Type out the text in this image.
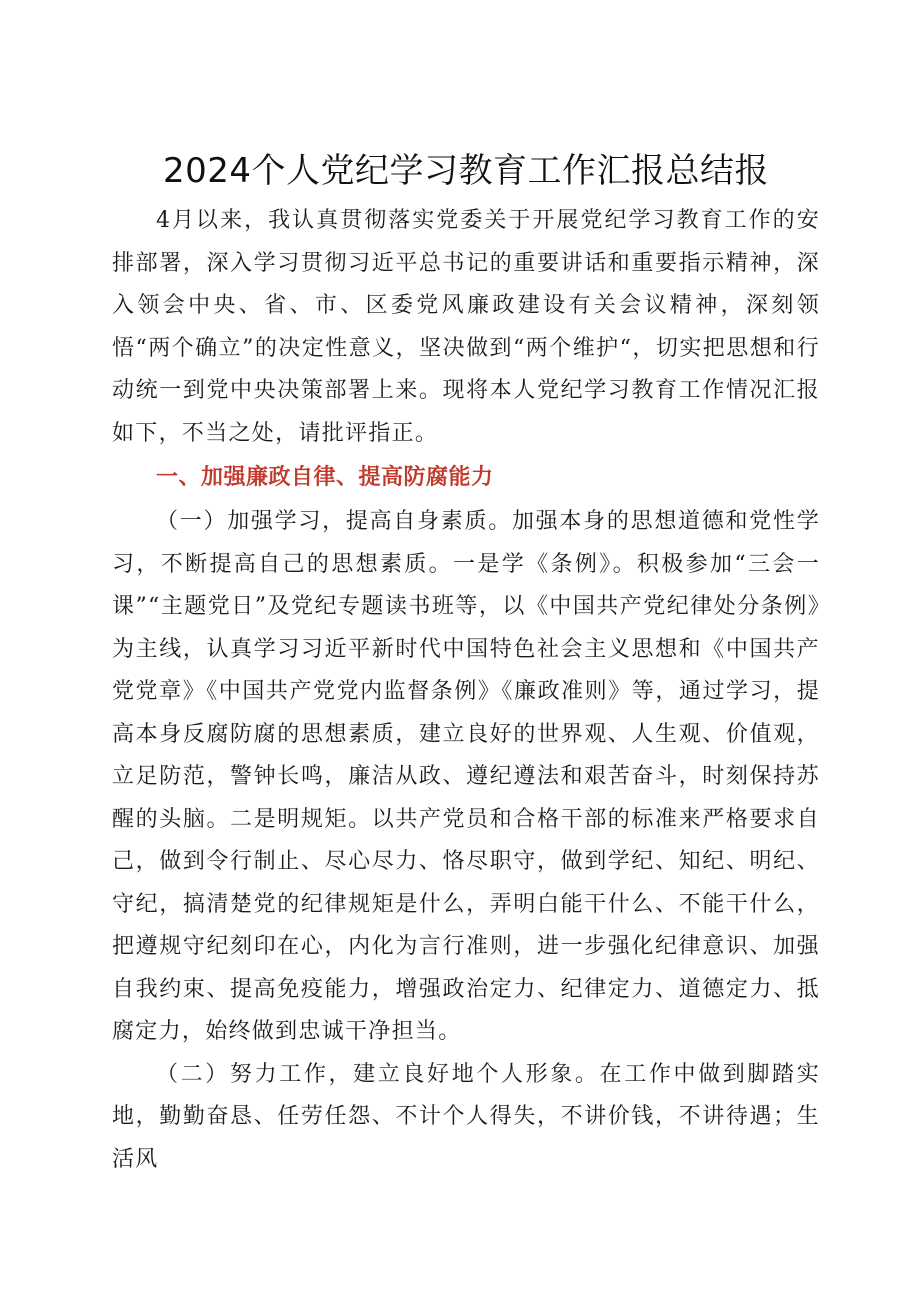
2024个人党纪学习教育工作汇报总结报

4月以来，我认真贯彻落实党委关于开展党纪学习教育工作的安排部署，深入学习贯彻习近平总书记的重要讲话和重要指示精神，深入领会中央、省、市、区委党风廉政建设有关会议精神，深刻领悟“两个确立”的决定性意义，坚决做到“两个维护“，切实把思想和行动统一到党中央决策部署上来。现将本人党纪学习教育工作情况汇报如下，不当之处，请批评指正。

一、加强廉政自律、提高防腐能力

（一）加强学习，提高自身素质。加强本身的思想道德和党性学习，不断提高自己的思想素质。一是学《条例》。积极参加“三会一课”“主题党日”及党纪专题读书班等，以《中国共产党纪律处分条例》为主线，认真学习习近平新时代中国特色社会主义思想和《中国共产党党章》《中国共产党党内监督条例》《廉政准则》等，通过学习，提高本身反腐防腐的思想素质，建立良好的世界观、人生观、价值观，立足防范，警钟长鸣，廉洁从政、遵纪遵法和艰苦奋斗，时刻保持苏醒的头脑。二是明规矩。以共产党员和合格干部的标准来严格要求自己，做到令行制止、尽心尽力、恪尽职守，做到学纪、知纪、明纪、守纪，搞清楚党的纪律规矩是什么，弄明白能干什么、不能干什么，把遵规守纪刻印在心，内化为言行准则，进一步强化纪律意识、加强自我约束、提高免疫能力，增强政治定力、纪律定力、道德定力、抵腐定力，始终做到忠诚干净担当。

（二）努力工作，建立良好地个人形象。在工作中做到脚踏实地，勤勤奋恳、任劳任怨、不计个人得失，不讲价钱，不讲待遇；生活风
